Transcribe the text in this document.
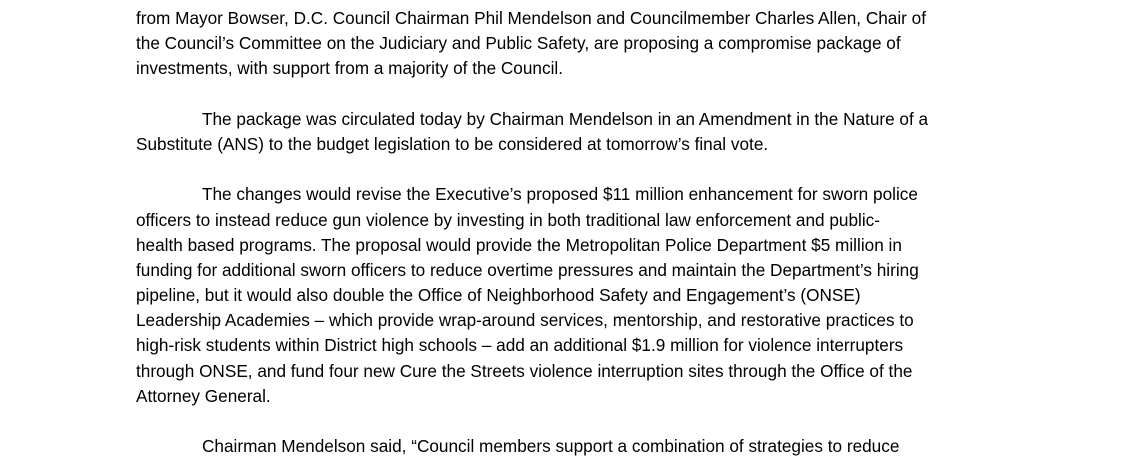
from Mayor Bowser, D.C. Council Chairman Phil Mendelson and Councilmember Charles Allen, Chair of
the Council’s Committee on the Judiciary and Public Safety, are proposing a compromise package of
investments, with support from a majority of the Council.
The package was circulated today by Chairman Mendelson in an Amendment in the Nature of a
Substitute (ANS) to the budget legislation to be considered at tomorrow’s final vote.
The changes would revise the Executive’s proposed $11 million enhancement for sworn police
officers to instead reduce gun violence by investing in both traditional law enforcement and public-
health based programs. The proposal would provide the Metropolitan Police Department $5 million in
funding for additional sworn officers to reduce overtime pressures and maintain the Department’s hiring
pipeline, but it would also double the Office of Neighborhood Safety and Engagement’s (ONSE)
Leadership Academies – which provide wrap-around services, mentorship, and restorative practices to
high-risk students within District high schools – add an additional $1.9 million for violence interrupters
through ONSE, and fund four new Cure the Streets violence interruption sites through the Office of the
Attorney General.
Chairman Mendelson said, “Council members support a combination of strategies to reduce
